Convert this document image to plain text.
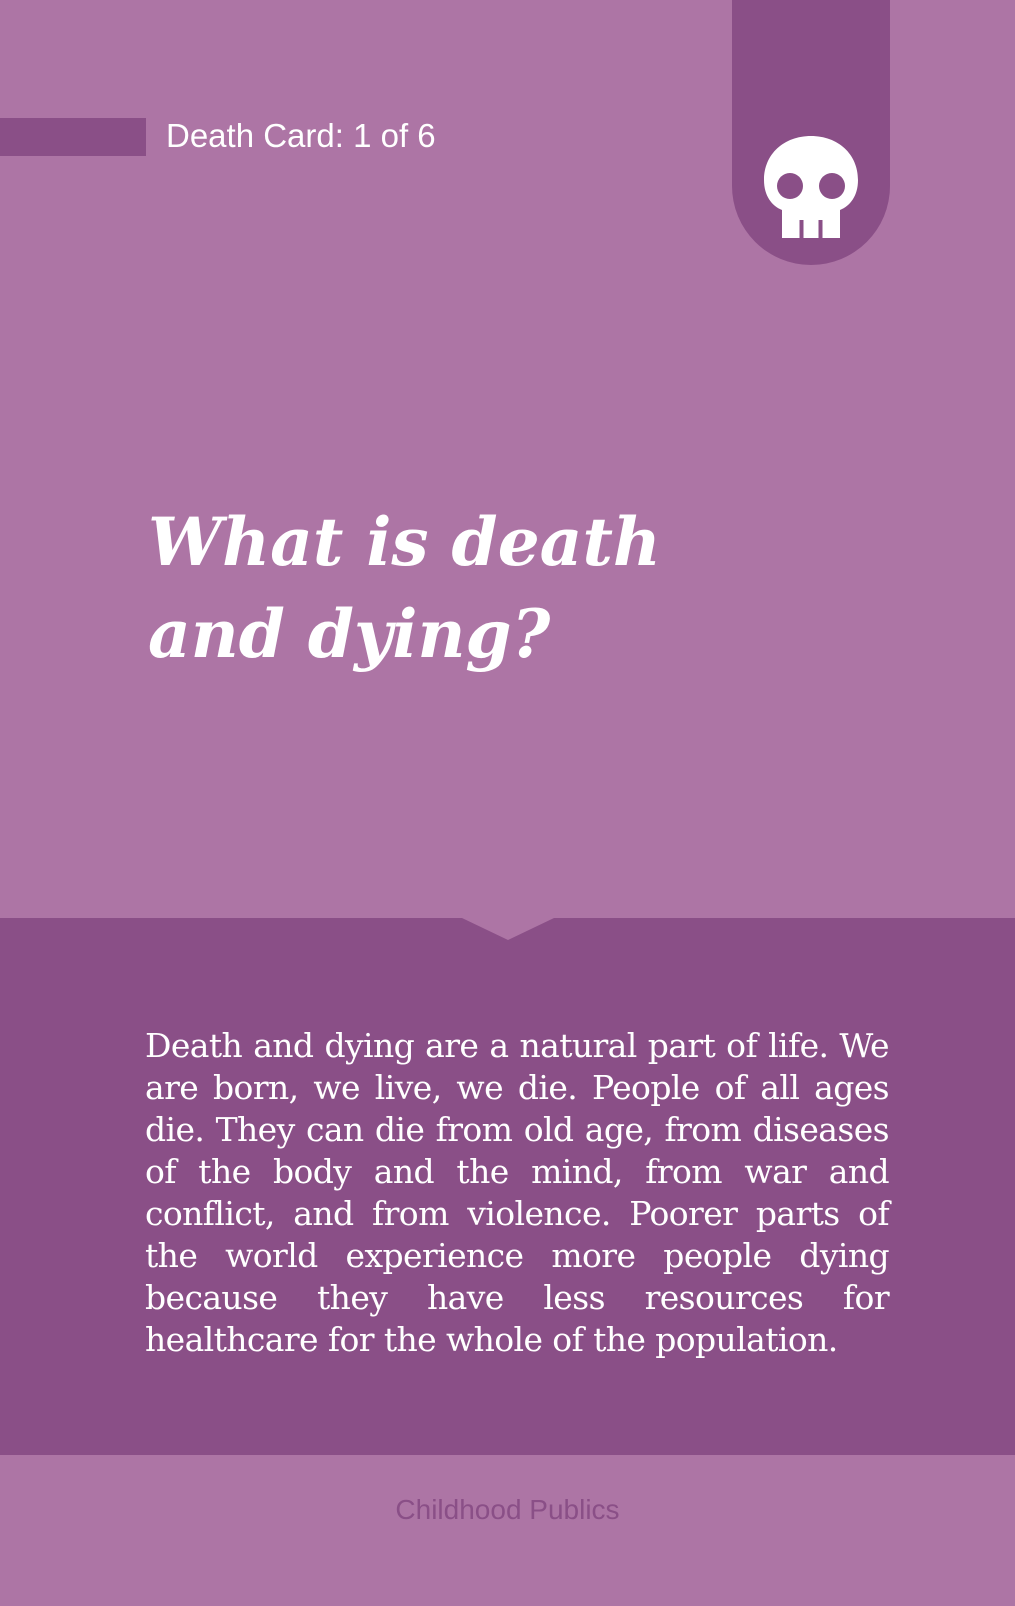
Death Card: 1 of 6
What is death
and dying?

Death and dying are a natural part of life. We are born, we live, we die. People of all ages die. They can die from old age, from diseases of the body and the mind, from war and conflict, and from violence. Poorer parts of the world experience more people dying because they have less resources for healthcare for the whole of the population.

Childhood Publics
